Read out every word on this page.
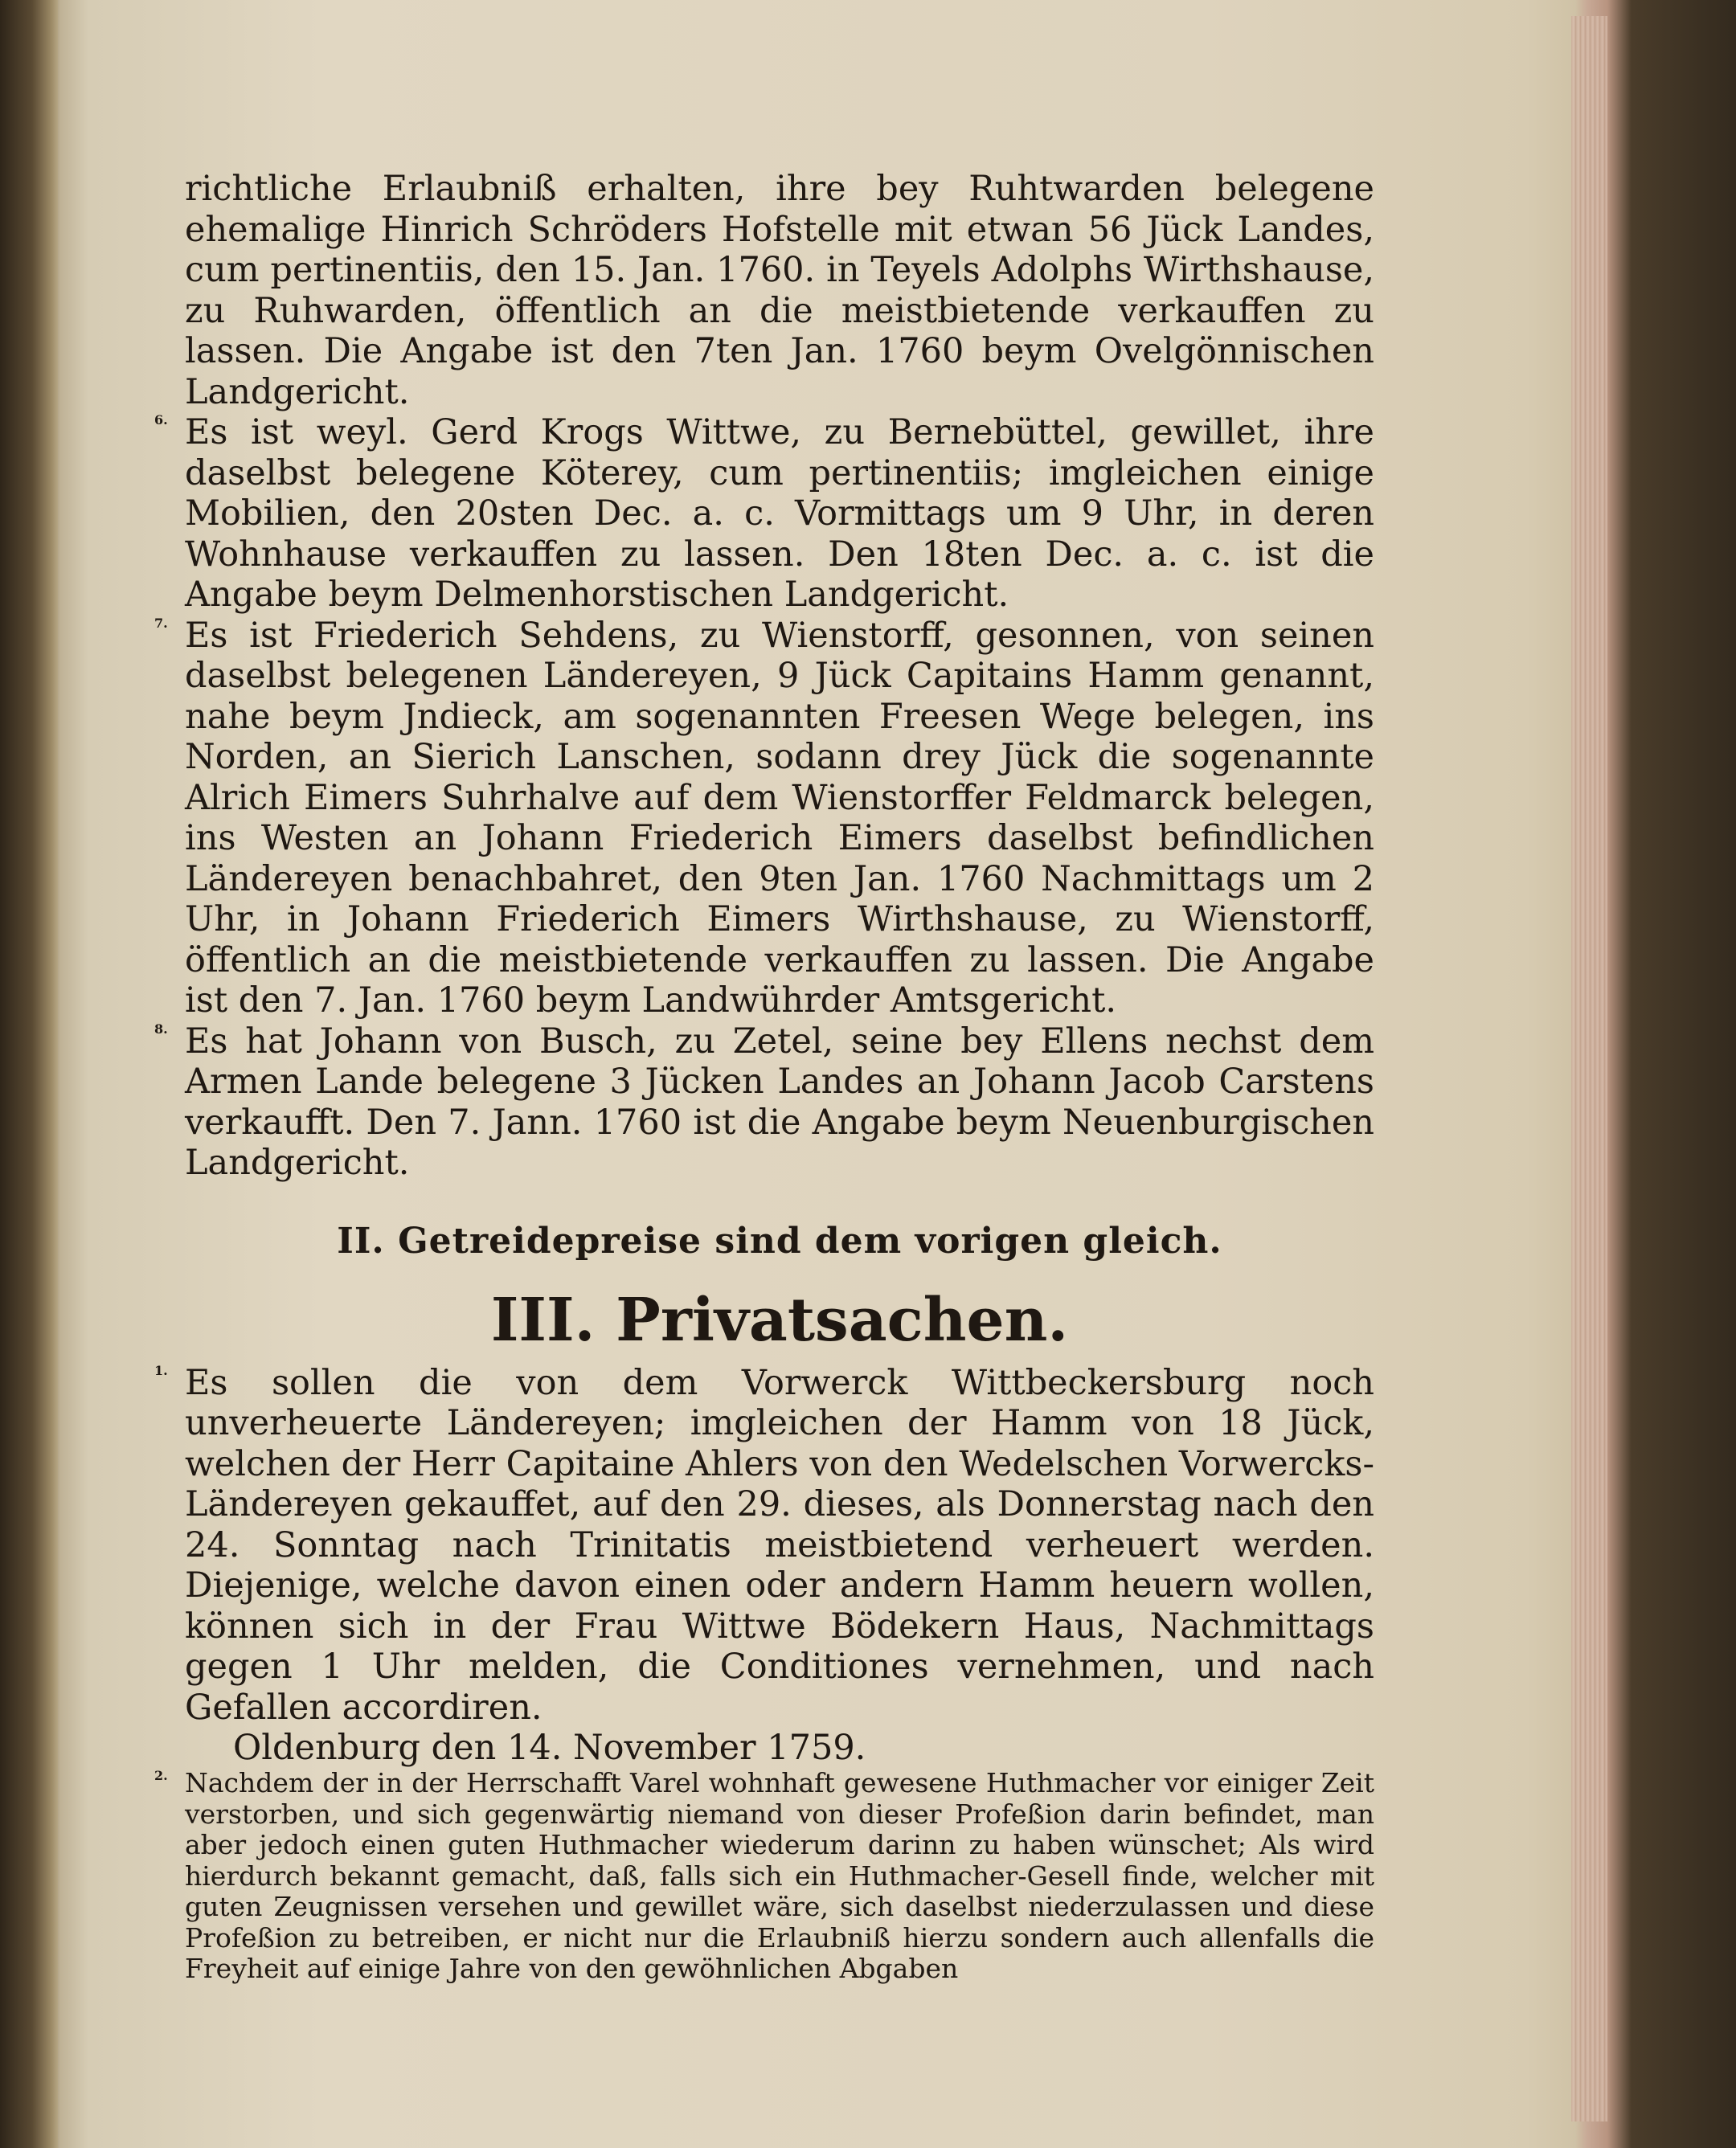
richtliche Erlaubniß erhalten, ihre bey Ruhtwarden belegene ehemalige Hinrich Schröders Hofstelle mit etwan 56 Jück Landes, cum pertinentiis, den 15. Jan. 1760. in Teyels Adolphs Wirthshause, zu Ruhwarden, öffentlich an die meistbietende verkauffen zu lassen. Die Angabe ist den 7ten Jan. 1760 beym Ovelgönnischen Landgericht.

6. Es ist weyl. Gerd Krogs Wittwe, zu Bernebüttel, gewillet, ihre daselbst belegene Köterey, cum pertinentiis; imgleichen einige Mobilien, den 20sten Dec. a. c. Vormittags um 9 Uhr, in deren Wohnhause verkauffen zu lassen. Den 18ten Dec. a. c. ist die Angabe beym Delmenhorstischen Landgericht.

7. Es ist Friederich Sehdens, zu Wienstorff, gesonnen, von seinen daselbst belegenen Ländereyen, 9 Jück Capitains Hamm genannt, nahe beym Jndieck, am sogenannten Freesen Wege belegen, ins Norden, an Sierich Lanschen, sodann drey Jück die sogenannte Alrich Eimers Suhrhalve auf dem Wienstorffer Feldmarck belegen, ins Westen an Johann Friederich Eimers daselbst befindlichen Ländereyen benachbahret, den 9ten Jan. 1760 Nachmittags um 2 Uhr, in Johann Friederich Eimers Wirthshause, zu Wienstorff, öffentlich an die meistbietende verkauffen zu lassen. Die Angabe ist den 7. Jan. 1760 beym Landwührder Amtsgericht.

8. Es hat Johann von Busch, zu Zetel, seine bey Ellens nechst dem Armen Lande belegene 3 Jücken Landes an Johann Jacob Carstens verkaufft. Den 7. Jann. 1760 ist die Angabe beym Neuenburgischen Landgericht.

II. Getreidepreise sind dem vorigen gleich.
III. Privatsachen.
1. Es sollen die von dem Vorwerck Wittbeckersburg noch unverheuerte Ländereyen; imgleichen der Hamm von 18 Jück, welchen der Herr Capitaine Ahlers von den Wedelschen Vorwercks-Ländereyen gekauffet, auf den 29. dieses, als Donnerstag nach den 24. Sonntag nach Trinitatis meistbietend verheuert werden. Diejenige, welche davon einen oder andern Hamm heuern wollen, können sich in der Frau Wittwe Bödekern Haus, Nachmittags gegen 1 Uhr melden, die Conditiones vernehmen, und nach Gefallen accordiren.

Oldenburg den 14. November 1759.

2. Nachdem der in der Herrschafft Varel wohnhaft gewesene Huthmacher vor einiger Zeit verstorben, und sich gegenwärtig niemand von dieser Profeßion darin befindet, man aber jedoch einen guten Huthmacher wiederum darinn zu haben wünschet; Als wird hierdurch bekannt gemacht, daß, falls sich ein Huthmacher-Gesell finde, welcher mit guten Zeugnissen versehen und gewillet wäre, sich daselbst niederzulassen und diese Profeßion zu betreiben, er nicht nur die Erlaubniß hierzu sondern auch allenfalls die Freyheit auf einige Jahre von den gewöhnlichen Abgaben
